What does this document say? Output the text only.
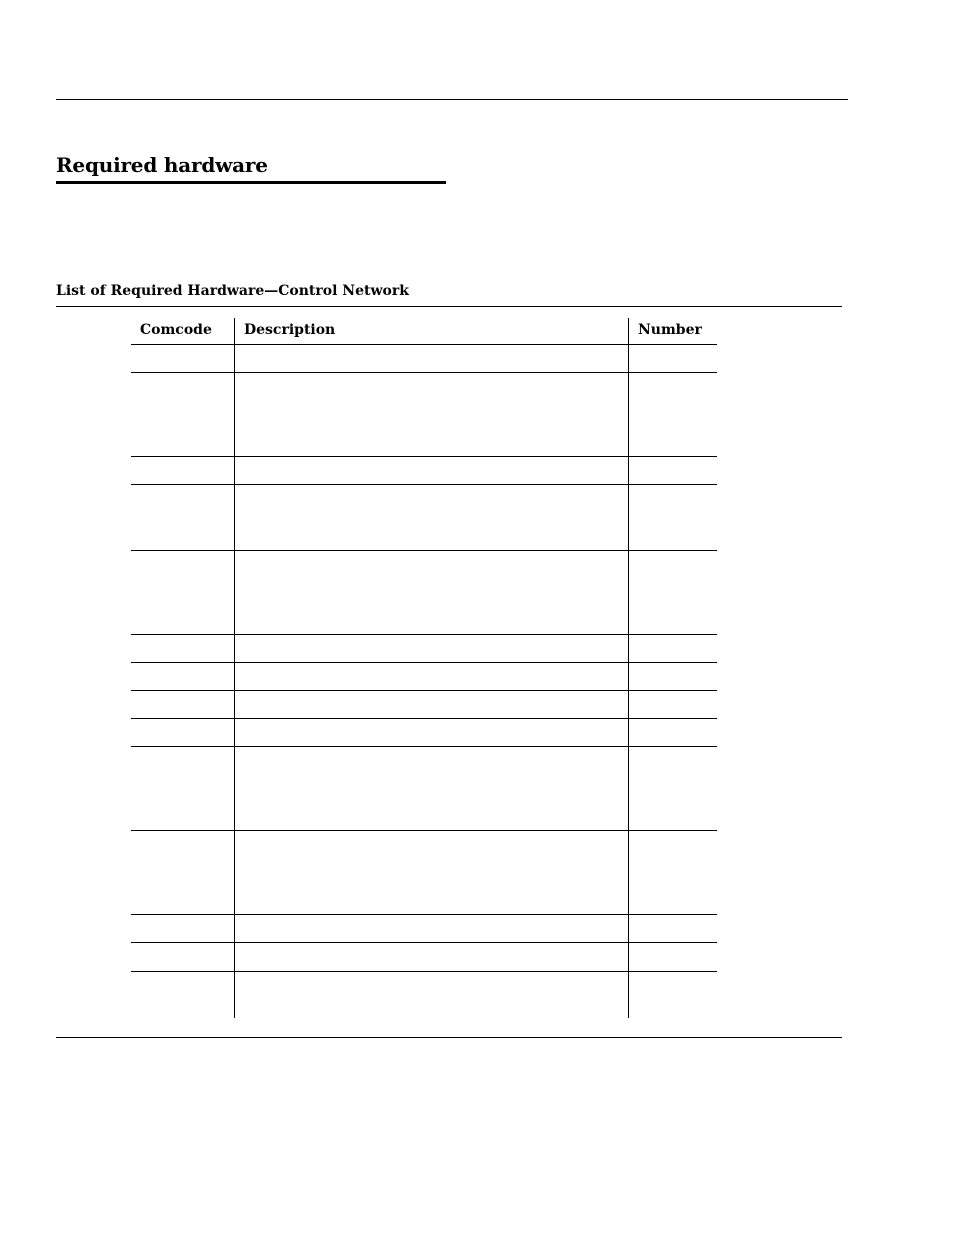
Required hardware
List of Required Hardware—Control Network
Comcode	Description	Number
